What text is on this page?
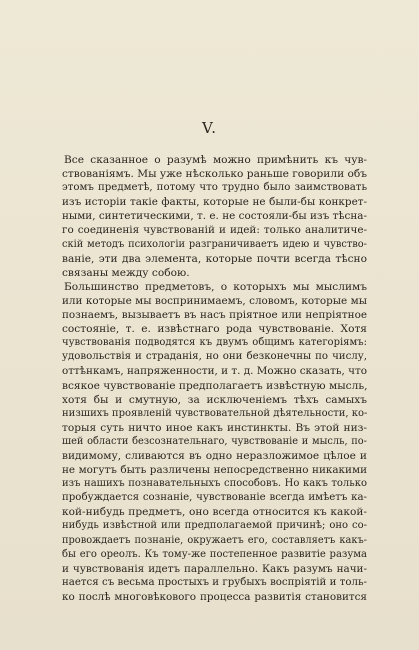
V.
Все сказанное о разумѣ можно примѣнить къ чув-
ствованіямъ. Мы уже нѣсколько раньше говорили объ
этомъ предметѣ, потому что трудно было заимствовать
изъ исторіи такіе факты, которые не были-бы конкрет-
ными, синтетическими, т. е. не состояли-бы изъ тѣсна-
го соединенія чувствованій и идей: только аналитиче-
скій методъ психологіи разграничиваетъ идею и чувство-
ваніе, эти два элемента, которые почти всегда тѣсно
связаны между собою.
Большинство предметовъ, о которыхъ мы мыслимъ
или которые мы воспринимаемъ, словомъ, которые мы
познаемъ, вызываетъ въ насъ пріятное или непріятное
состояніе, т. е. извѣстнаго рода чувствованіе. Хотя
чувствованія подводятся къ двумъ общимъ категоріямъ:
удовольствія и страданія, но они безконечны по числу,
оттѣнкамъ, напряженности, и т. д. Можно сказать, что
всякое чувствованіе предполагаетъ извѣстную мысль,
хотя бы и смутную, за исключеніемъ тѣхъ самыхъ
низшихъ проявленій чувствовательной дѣятельности, ко-
торыя суть ничто иное какъ инстинкты. Въ этой низ-
шей области безсознательнаго, чувствованіе и мысль, по-
видимому, сливаются въ одно неразложимое цѣлое и
не могутъ быть различены непосредственно никакими
изъ нашихъ познавательныхъ способовъ. Но какъ только
пробуждается сознаніе, чувствованіе всегда имѣетъ ка-
кой-нибудь предметъ, оно всегда относится къ какой-
нибудь извѣстной или предполагаемой причинѣ; оно со-
провождаетъ познаніе, окружаетъ его, составляетъ какъ-
бы его ореолъ. Къ тому-же постепенное развитіе разума
и чувствованія идетъ параллельно. Какъ разумъ начи-
нается съ весьма простыхъ и грубыхъ воспріятій и толь-
ко послѣ многовѣкового процесса развитія становится
